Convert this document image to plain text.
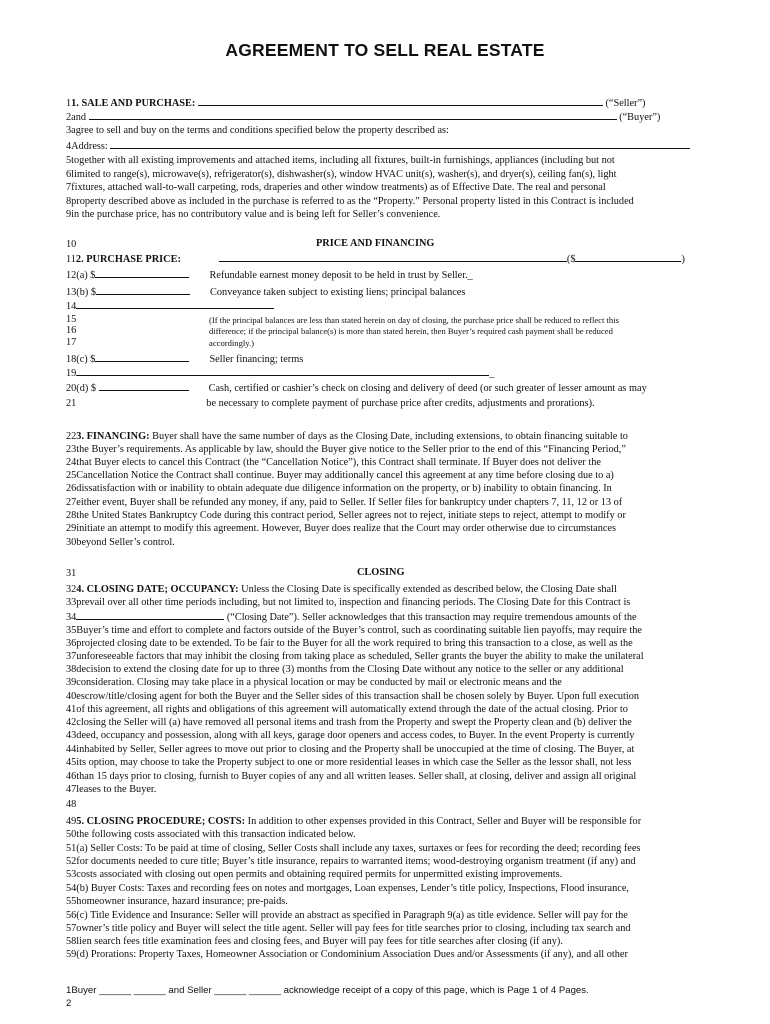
AGREEMENT TO SELL REAL ESTATE
11. SALE AND PURCHASE:	(“Seller”)
2and	(“Buyer”)
3agree to sell and buy on the terms and conditions specified below the property described as:
4Address:
5together with all existing improvements and attached items, including all fixtures, built-in furnishings, appliances (including but not
6limited to range(s), microwave(s), refrigerator(s), dishwasher(s), window HVAC unit(s), washer(s), and dryer(s), ceiling fan(s), light
7fixtures, attached wall-to-wall carpeting, rods, draperies and other window treatments) as of Effective Date. The real and personal
8property described above as included in the purchase is referred to as the “Property.” Personal property listed in this Contract is included
9in the purchase price, has no contributory value and is being left for Seller’s convenience.
10	PRICE AND FINANCING
112. PURCHASE PRICE:	($	)
12(a) $	Refundable earnest money deposit to be held in trust by Seller._
13(b) $	Conveyance taken subject to existing liens; principal balances
14
15
16
17
(If the principal balances are less than stated herein on day of closing, the purchase price shall be reduced to reflect this
difference; if the principal balance(s) is more than stated herein, then Buyer’s required cash payment shall be reduced
accordingly.)
18(c) $	Seller financing; terms
19	_
20(d) $	Cash, certified or cashier’s check on closing and delivery of deed (or such greater of lesser amount as may
21	be necessary to complete payment of purchase price after credits, adjustments and prorations).
223. FINANCING: Buyer shall have the same number of days as the Closing Date, including extensions, to obtain financing suitable to
23the Buyer’s requirements. As applicable by law, should the Buyer give notice to the Seller prior to the end of this “Financing Period,”
24that Buyer elects to cancel this Contract (the “Cancellation Notice”), this Contract shall terminate. If Buyer does not deliver the
25Cancellation Notice the Contract shall continue. Buyer may additionally cancel this agreement at any time before closing due to a)
26dissatisfaction with or inability to obtain adequate due diligence information on the property, or b) inability to obtain financing. In
27either event, Buyer shall be refunded any money, if any, paid to Seller. If Seller files for bankruptcy under chapters 7, 11, 12 or 13 of
28the United States Bankruptcy Code during this contract period, Seller agrees not to reject, initiate steps to reject, attempt to modify or
29initiate an attempt to modify this agreement. However, Buyer does realize that the Court may order otherwise due to circumstances
30beyond Seller’s control.
31	CLOSING
324. CLOSING DATE; OCCUPANCY: Unless the Closing Date is specifically extended as described below, the Closing Date shall
33prevail over all other time periods including, but not limited to, inspection and financing periods. The Closing Date for this Contract is
34	(“Closing Date”). Seller acknowledges that this transaction may require tremendous amounts of the
35Buyer’s time and effort to complete and factors outside of the Buyer’s control, such as coordinating suitable lien payoffs, may require the
36projected closing date to be extended. To be fair to the Buyer for all the work required to bring this transaction to a close, as well as the
37unforeseeable factors that may inhibit the closing from taking place as scheduled, Seller grants the buyer the ability to make the unilateral
38decision to extend the closing date for up to three (3) months from the Closing Date without any notice to the seller or any additional
39consideration. Closing may take place in a physical location or may be conducted by mail or electronic means and the
40escrow/title/closing agent for both the Buyer and the Seller sides of this transaction shall be chosen solely by Buyer. Upon full execution
41of this agreement, all rights and obligations of this agreement will automatically extend through the date of the actual closing. Prior to
42closing the Seller will (a) have removed all personal items and trash from the Property and swept the Property clean and (b) deliver the
43deed, occupancy and possession, along with all keys, garage door openers and access codes, to Buyer. In the event Property is currently
44inhabited by Seller, Seller agrees to move out prior to closing and the Property shall be unoccupied at the time of closing. The Buyer, at
45its option, may choose to take the Property subject to one or more residential leases in which case the Seller as the lessor shall, not less
46than 15 days prior to closing, furnish to Buyer copies of any and all written leases. Seller shall, at closing, deliver and assign all original
47leases to the Buyer.
48
495. CLOSING PROCEDURE; COSTS: In addition to other expenses provided in this Contract, Seller and Buyer will be responsible for
50the following costs associated with this transaction indicated below.
51(a) Seller Costs: To be paid at time of closing, Seller Costs shall include any taxes, surtaxes or fees for recording the deed; recording fees
52for documents needed to cure title; Buyer’s title insurance, repairs to warranted items; wood-destroying organism treatment (if any) and
53costs associated with closing out open permits and obtaining required permits for unpermitted existing improvements.
54(b) Buyer Costs: Taxes and recording fees on notes and mortgages, Loan expenses, Lender’s title policy, Inspections, Flood insurance,
55homeowner insurance, hazard insurance; pre-paids.
56(c) Title Evidence and Insurance: Seller will provide an abstract as specified in Paragraph 9(a) as title evidence. Seller will pay for the
57owner’s title policy and Buyer will select the title agent. Seller will pay fees for title searches prior to closing, including tax search and
58lien search fees title examination fees and closing fees, and Buyer will pay fees for title searches after closing (if any).
59(d) Prorations: Property Taxes, Homeowner Association or Condominium Association Dues and/or Assessments (if any), and all other
1Buyer ______ ______ and Seller ______ ______ acknowledge receipt of a copy of this page, which is Page 1 of 4 Pages.
2
